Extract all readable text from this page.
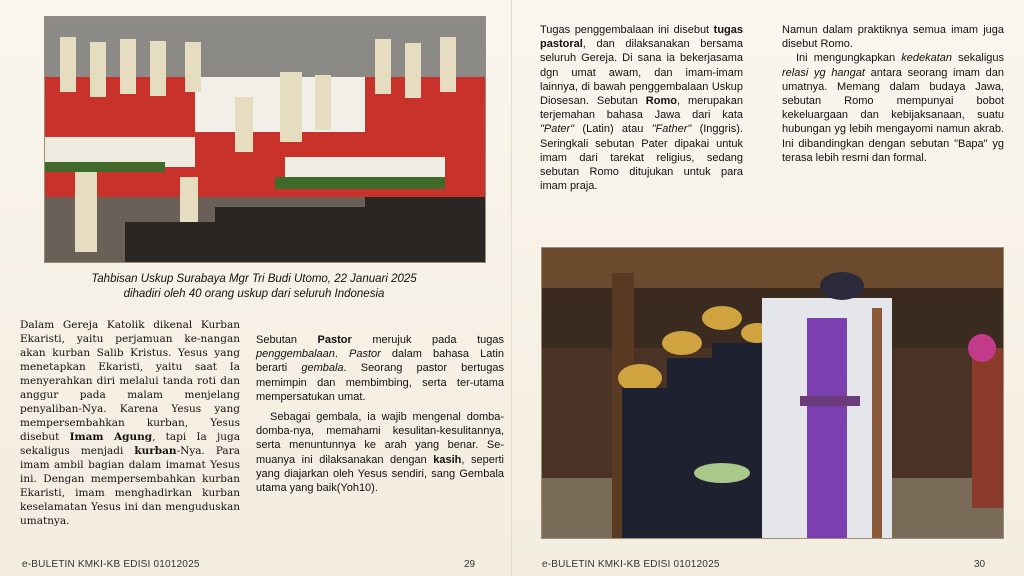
Tahbisan Uskup Surabaya Mgr Tri Budi Utomo, 22 Januari 2025
dihadiri oleh 40 orang uskup dari seluruh Indonesia
Dalam Gereja Katolik dikenal Kurban Ekaristi, yaitu perjamuan ke-nangan akan kurban Salib Kristus. Yesus yang menetapkan Ekaristi, yaitu saat Ia menyerahkan diri melalui tanda roti dan anggur pada malam menjelang penyaliban-Nya. Karena Yesus yang mempersembahkan kurban, Yesus disebut Imam Agung, tapi Ia juga sekaligus menjadi kurban-Nya. Para imam ambil bagian dalam imamat Yesus ini. Dengan mempersembahkan kurban Ekaristi, imam menghadirkan kurban keselamatan Yesus ini dan menguduskan umatnya.

Sebutan Pastor merujuk pada tugas penggembalaan. Pastor dalam bahasa Latin berarti gembala. Seorang pastor bertugas memimpin dan membimbing, serta ter-utama mempersatukan umat.

Sebagai gembala, ia wajib mengenal domba-domba-nya, memahami kesulitan-kesulitannya, serta menuntunnya ke arah yang benar. Se-muanya ini dilaksanakan dengan kasih, seperti yang diajarkan oleh Yesus sendiri, sang Gembala utama yang baik(Yoh10).

e-BULETIN KMKI-KB EDISI 01012025	29
Tugas penggembalaan ini disebut tugas pastoral, dan dilaksanakan bersama seluruh Gereja. Di sana ia bekerjasama dgn umat awam, dan imam-imam lainnya, di bawah penggembalaan Uskup Diosesan. Sebutan Romo, merupakan terjemahan bahasa Jawa dari kata "Pater" (Latin) atau "Father" (Inggris). Seringkali sebutan Pater dipakai untuk imam dari tarekat religius, sedang sebutan Romo ditujukan untuk para imam praja.

Namun dalam praktiknya semua imam juga disebut Romo.

Ini mengungkapkan kedekatan sekaligus relasi yg hangat antara seorang imam dan umatnya. Memang dalam budaya Jawa, sebutan Romo mempunyai bobot kekeluargaan dan kebijaksanaan, suatu hubungan yg lebih mengayomi namun akrab. Ini dibandingkan dengan sebutan "Bapa" yg terasa lebih resmi dan formal.

e-BULETIN KMKI-KB EDISI 01012025	30
